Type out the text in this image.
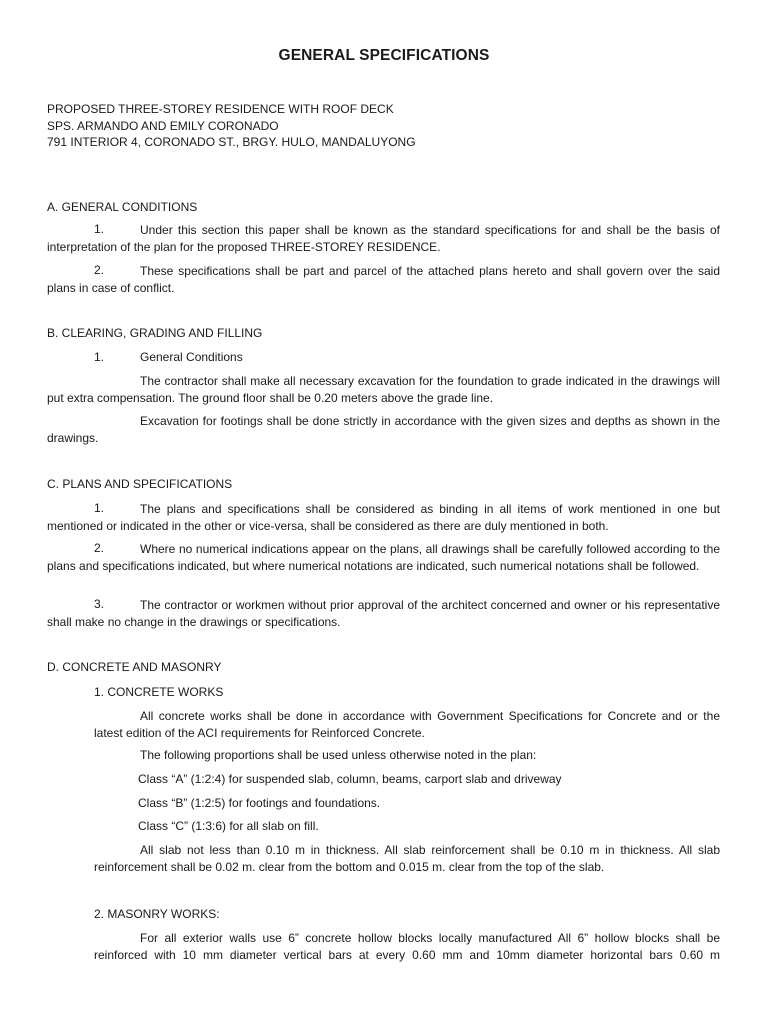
GENERAL SPECIFICATIONS
PROPOSED THREE-STOREY RESIDENCE WITH ROOF DECK
SPS. ARMANDO AND EMILY CORONADO
791 INTERIOR 4, CORONADO ST., BRGY. HULO, MANDALUYONG
A. GENERAL CONDITIONS
1.	Under this section this paper shall be known as the standard specifications for and shall be the basis of interpretation of the plan for the proposed THREE-STOREY RESIDENCE.
These specifications shall be part and parcel of the attached plans hereto and shall govern over the said plans in case of conflict.
2.
B. CLEARING, GRADING AND FILLING
1.	General Conditions
The contractor shall make all necessary excavation for the foundation to grade indicated in the drawings will put extra compensation. The ground floor shall be 0.20 meters above the grade line.
Excavation for footings shall be done strictly in accordance with the given sizes and depths as shown in the drawings.
C. PLANS AND SPECIFICATIONS
1.	The plans and specifications shall be considered as binding in all items of work mentioned in one but mentioned or indicated in the other or vice-versa, shall be considered as there are duly mentioned in both.
2.	Where no numerical indications appear on the plans, all drawings shall be carefully followed according to the plans and specifications indicated, but where numerical notations are indicated, such numerical notations shall be followed.
3.	The contractor or workmen without prior approval of the architect concerned and owner or his representative shall make no change in the drawings or specifications.
D. CONCRETE AND MASONRY
1. CONCRETE WORKS
All concrete works shall be done in accordance with Government Specifications for Concrete and or the latest edition of the ACI requirements for Reinforced Concrete.
The following proportions shall be used unless otherwise noted in the plan:
Class “A” (1:2:4) for suspended slab, column, beams, carport slab and driveway
Class “B” (1:2:5) for footings and foundations.
Class “C” (1:3:6) for all slab on fill.
All slab not less than 0.10 m in thickness. All slab reinforcement shall be 0.10 m in thickness. All slab reinforcement shall be 0.02 m. clear from the bottom and 0.015 m. clear from the top of the slab.
2. MASONRY WORKS:
For all exterior walls use 6” concrete hollow blocks locally manufactured All 6” hollow blocks shall be reinforced with 10 mm diameter vertical bars at every 0.60 mm and 10mm diameter horizontal bars 0.60 m
